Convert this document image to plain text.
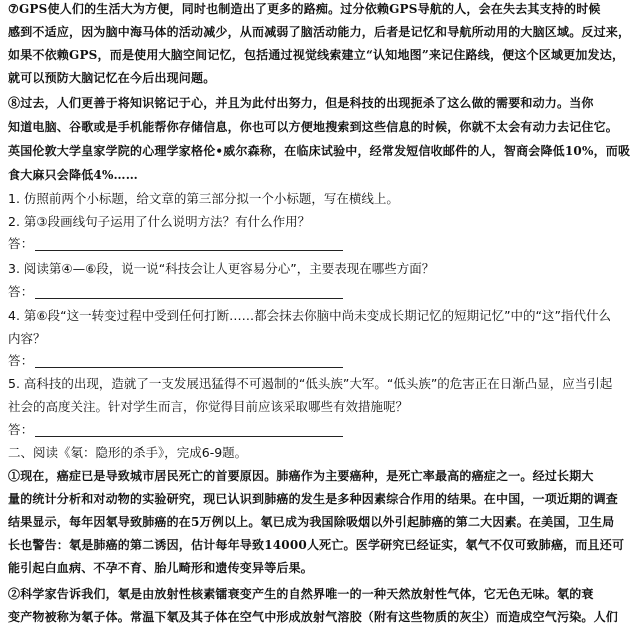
⑦GPS使人们的生活大为方便，同时也制造出了更多的路痴。过分依赖GPS导航的人，会在失去其支持的时候
感到不适应，因为脑中海马体的活动减少，从而减弱了脑活动能力，后者是记忆和导航所动用的大脑区域。反过来，
如果不依赖GPS，而是使用大脑空间记忆，包括通过视觉线索建立“认知地图”来记住路线，便这个区域更加发达，
就可以预防大脑记忆在今后出现问题。
⑧过去，人们更善于将知识铭记于心，并且为此付出努力，但是科技的出现扼杀了这么做的需要和动力。当你
知道电脑、谷歌或是手机能帮你存储信息，你也可以方便地搜索到这些信息的时候，你就不太会有动力去记住它。
英国伦敦大学皇家学院的心理学家格伦•威尔森称，在临床试验中，经常发短信收邮件的人，智商会降低10%，而吸
食大麻只会降低4%……
1. 仿照前两个小标题，给文章的第三部分拟一个小标题，写在横线上。
2. 第③段画线句子运用了什么说明方法？有什么作用？
答：
3. 阅读第④—⑥段，说一说“科技会让人更容易分心”，主要表现在哪些方面？
答：
4. 第⑥段“这一转变过程中受到任何打断……都会抹去你脑中尚未变成长期记忆的短期记忆”中的“这”指代什么
内容？
答：
5. 高科技的出现，造就了一支发展迅猛得不可遏制的“低头族”大军。“低头族”的危害正在日渐凸显，应当引起
社会的高度关注。针对学生而言，你觉得目前应该采取哪些有效措施呢？
答：
二、阅读《氡：隐形的杀手》，完成6-9题。
①现在，癌症已是导致城市居民死亡的首要原因。肺癌作为主要癌种，是死亡率最高的癌症之一。经过长期大
量的统计分析和对动物的实验研究，现已认识到肺癌的发生是多种因素综合作用的结果。在中国，一项近期的调查
结果显示，每年因氡导致肺癌的在5万例以上。氡已成为我国除吸烟以外引起肺癌的第二大因素。在美国，卫生局
长也警告：氡是肺癌的第二诱因，估计每年导致14000人死亡。医学研究已经证实，氡气不仅可致肺癌，而且还可
能引起白血病、不孕不育、胎儿畸形和遗传变异等后果。
②科学家告诉我们，氡是由放射性核素镭衰变产生的自然界唯一的一种天然放射性气体，它无色无味。氡的衰
变产物被称为氡子体。常温下氡及其子体在空气中形成放射气溶胶（附有这些物质的灰尘）而造成空气污染。人们
